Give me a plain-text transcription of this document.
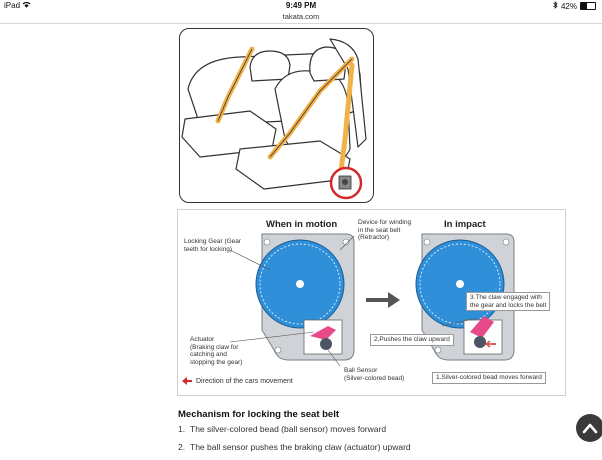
iPad	9:49 PM	42%
takata.com
When in motion	In impact
Locking Gear (Gear
teeth for locking)
Device for winding
in the seat belt
(Retractor)
Actuator
(Braking claw for
catching and
stopping the gear)
Ball Sensor
(Silver-colored bead)
Direction of the cars movement
3.The claw engaged with
the gear and locks the belt
2.Pushes the claw upward
1.Silver-colored bead moves forward
Mechanism for locking the seat belt
1. The silver-colored bead (ball sensor) moves forward
2. The ball sensor pushes the braking claw (actuator) upward
